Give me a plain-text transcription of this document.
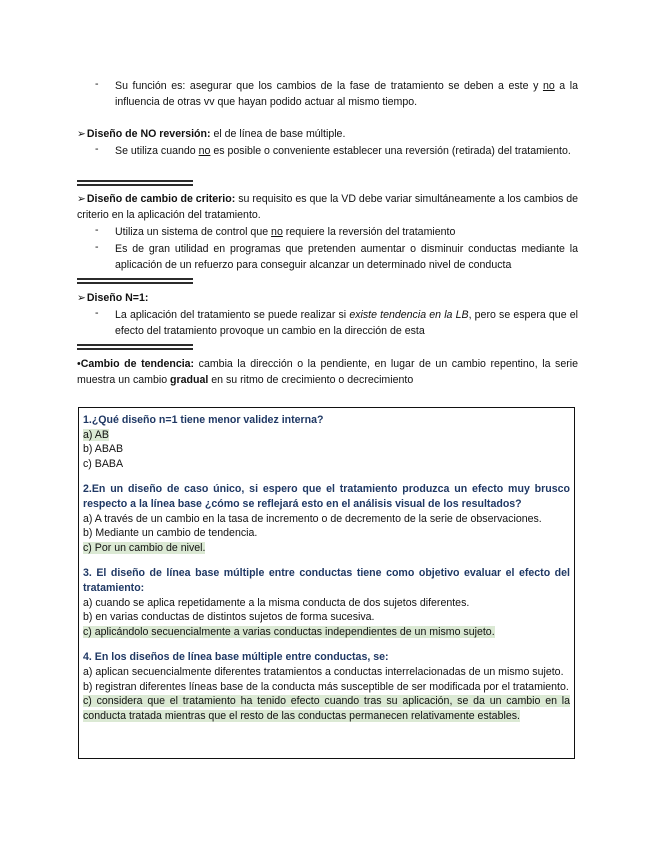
- Su función es: asegurar que los cambios de la fase de tratamiento se deben a este y no a la influencia de otras vv que hayan podido actuar al mismo tiempo.
➢Diseño de NO reversión: el de línea de base múltiple.
- Se utiliza cuando no es posible o conveniente establecer una reversión (retirada) del tratamiento.
➢Diseño de cambio de criterio: su requisito es que la VD debe variar simultáneamente a los cambios de criterio en la aplicación del tratamiento.
- Utiliza un sistema de control que no requiere la reversión del tratamiento
- Es de gran utilidad en programas que pretenden aumentar o disminuir conductas mediante la aplicación de un refuerzo para conseguir alcanzar un determinado nivel de conducta
➢Diseño N=1:
- La aplicación del tratamiento se puede realizar si existe tendencia en la LB, pero se espera que el efecto del tratamiento provoque un cambio en la dirección de esta
•Cambio de tendencia: cambia la dirección o la pendiente, en lugar de un cambio repentino, la serie muestra un cambio gradual en su ritmo de crecimiento o decrecimiento
1.¿Qué diseño n=1 tiene menor validez interna?
a) AB
b) ABAB
c) BABA
2.En un diseño de caso único, si espero que el tratamiento produzca un efecto muy brusco respecto a la línea base ¿cómo se reflejará esto en el análisis visual de los resultados?
a) A través de un cambio en la tasa de incremento o de decremento de la serie de observaciones.
b) Mediante un cambio de tendencia.
c) Por un cambio de nivel.
3. El diseño de línea base múltiple entre conductas tiene como objetivo evaluar el efecto del tratamiento:
a) cuando se aplica repetidamente a la misma conducta de dos sujetos diferentes.
b) en varias conductas de distintos sujetos de forma sucesiva.
c) aplicándolo secuencialmente a varias conductas independientes de un mismo sujeto.
4. En los diseños de línea base múltiple entre conductas, se:
a) aplican secuencialmente diferentes tratamientos a conductas interrelacionadas de un mismo sujeto.
b) registran diferentes líneas base de la conducta más susceptible de ser modificada por el tratamiento.
c) considera que el tratamiento ha tenido efecto cuando tras su aplicación, se da un cambio en la conducta tratada mientras que el resto de las conductas permanecen relativamente estables.
